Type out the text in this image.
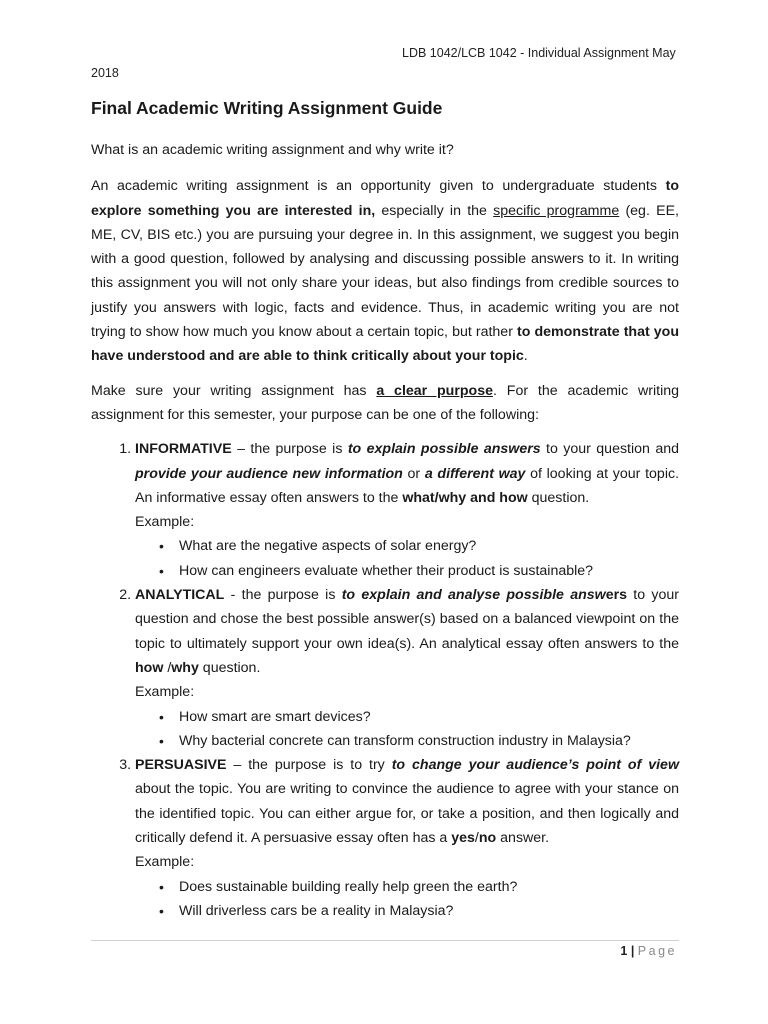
LDB 1042/LCB 1042 - Individual Assignment May
2018
Final Academic Writing Assignment Guide

What is an academic writing assignment and why write it?

An academic writing assignment is an opportunity given to undergraduate students to explore something you are interested in, especially in the specific programme (eg. EE, ME, CV, BIS etc.) you are pursuing your degree in. In this assignment, we suggest you begin with a good question, followed by analysing and discussing possible answers to it. In writing this assignment you will not only share your ideas, but also findings from credible sources to justify you answers with logic, facts and evidence. Thus, in academic writing you are not trying to show how much you know about a certain topic, but rather to demonstrate that you have understood and are able to think critically about your topic.

Make sure your writing assignment has a clear purpose. For the academic writing assignment for this semester, your purpose can be one of the following:

1. INFORMATIVE – the purpose is to explain possible answers to your question and provide your audience new information or a different way of looking at your topic. An informative essay often answers to the what/why and how question.
Example:
• What are the negative aspects of solar energy?
• How can engineers evaluate whether their product is sustainable?
2. ANALYTICAL - the purpose is to explain and analyse possible answers to your question and chose the best possible answer(s) based on a balanced viewpoint on the topic to ultimately support your own idea(s). An analytical essay often answers to the how /why question.
Example:
• How smart are smart devices?
• Why bacterial concrete can transform construction industry in Malaysia?
3. PERSUASIVE – the purpose is to try to change your audience’s point of view about the topic. You are writing to convince the audience to agree with your stance on the identified topic. You can either argue for, or take a position, and then logically and critically defend it. A persuasive essay often has a yes/no answer.
Example:
• Does sustainable building really help green the earth?
• Will driverless cars be a reality in Malaysia?
1 | Page
